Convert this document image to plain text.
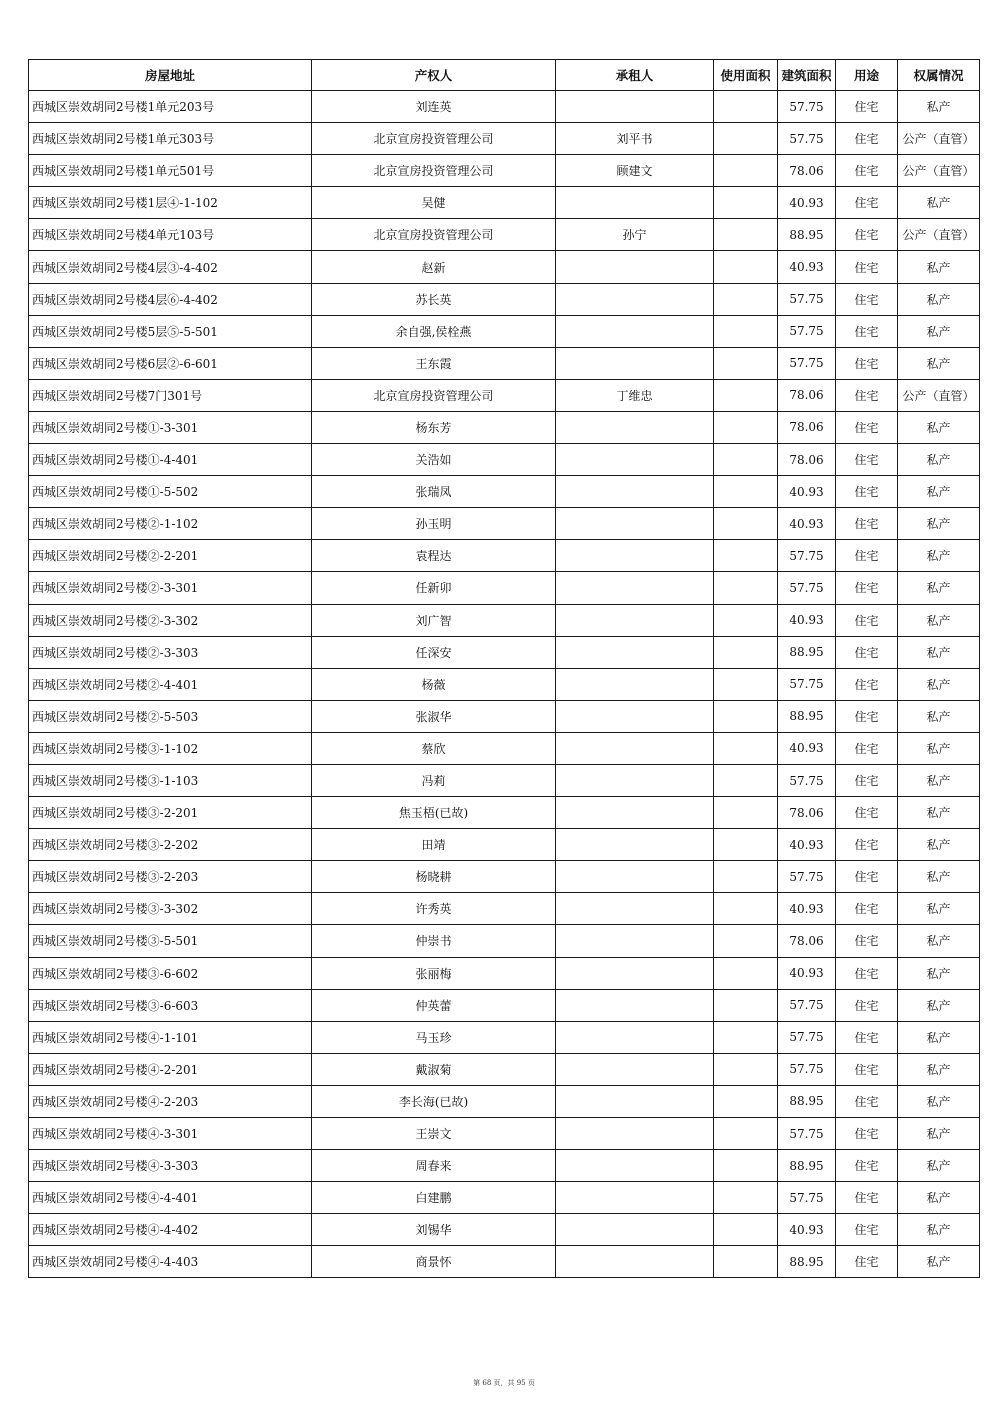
房屋地址	产权人	承租人	使用面积	建筑面积	用途	权属情况
西城区崇效胡同2号楼1单元203号	刘连英			57.75	住宅	私产
西城区崇效胡同2号楼1单元303号	北京宣房投资管理公司	刘平书		57.75	住宅	公产（直管）
西城区崇效胡同2号楼1单元501号	北京宣房投资管理公司	顾建文		78.06	住宅	公产（直管）
西城区崇效胡同2号楼1层④-1-102	吴健			40.93	住宅	私产
西城区崇效胡同2号楼4单元103号	北京宣房投资管理公司	孙宁		88.95	住宅	公产（直管）
西城区崇效胡同2号楼4层③-4-402	赵新			40.93	住宅	私产
西城区崇效胡同2号楼4层⑥-4-402	苏长英			57.75	住宅	私产
西城区崇效胡同2号楼5层⑤-5-501	余自强,侯栓燕			57.75	住宅	私产
西城区崇效胡同2号楼6层②-6-601	王东霞			57.75	住宅	私产
西城区崇效胡同2号楼7门301号	北京宣房投资管理公司	丁维忠		78.06	住宅	公产（直管）
西城区崇效胡同2号楼①-3-301	杨东芳			78.06	住宅	私产
西城区崇效胡同2号楼①-4-401	关浩如			78.06	住宅	私产
西城区崇效胡同2号楼①-5-502	张瑞凤			40.93	住宅	私产
西城区崇效胡同2号楼②-1-102	孙玉明			40.93	住宅	私产
西城区崇效胡同2号楼②-2-201	袁程达			57.75	住宅	私产
西城区崇效胡同2号楼②-3-301	任新卯			57.75	住宅	私产
西城区崇效胡同2号楼②-3-302	刘广智			40.93	住宅	私产
西城区崇效胡同2号楼②-3-303	任深安			88.95	住宅	私产
西城区崇效胡同2号楼②-4-401	杨薇			57.75	住宅	私产
西城区崇效胡同2号楼②-5-503	张淑华			88.95	住宅	私产
西城区崇效胡同2号楼③-1-102	蔡欣			40.93	住宅	私产
西城区崇效胡同2号楼③-1-103	冯莉			57.75	住宅	私产
西城区崇效胡同2号楼③-2-201	焦玉梧(已故)			78.06	住宅	私产
西城区崇效胡同2号楼③-2-202	田靖			40.93	住宅	私产
西城区崇效胡同2号楼③-2-203	杨晓耕			57.75	住宅	私产
西城区崇效胡同2号楼③-3-302	许秀英			40.93	住宅	私产
西城区崇效胡同2号楼③-5-501	仲崇书			78.06	住宅	私产
西城区崇效胡同2号楼③-6-602	张丽梅			40.93	住宅	私产
西城区崇效胡同2号楼③-6-603	仲英蕾			57.75	住宅	私产
西城区崇效胡同2号楼④-1-101	马玉珍			57.75	住宅	私产
西城区崇效胡同2号楼④-2-201	戴淑菊			57.75	住宅	私产
西城区崇效胡同2号楼④-2-203	李长海(已故)			88.95	住宅	私产
西城区崇效胡同2号楼④-3-301	王崇文			57.75	住宅	私产
西城区崇效胡同2号楼④-3-303	周春来			88.95	住宅	私产
西城区崇效胡同2号楼④-4-401	白建鹏			57.75	住宅	私产
西城区崇效胡同2号楼④-4-402	刘锡华			40.93	住宅	私产
西城区崇效胡同2号楼④-4-403	商景怀			88.95	住宅	私产
第 68 页，共 95 页
